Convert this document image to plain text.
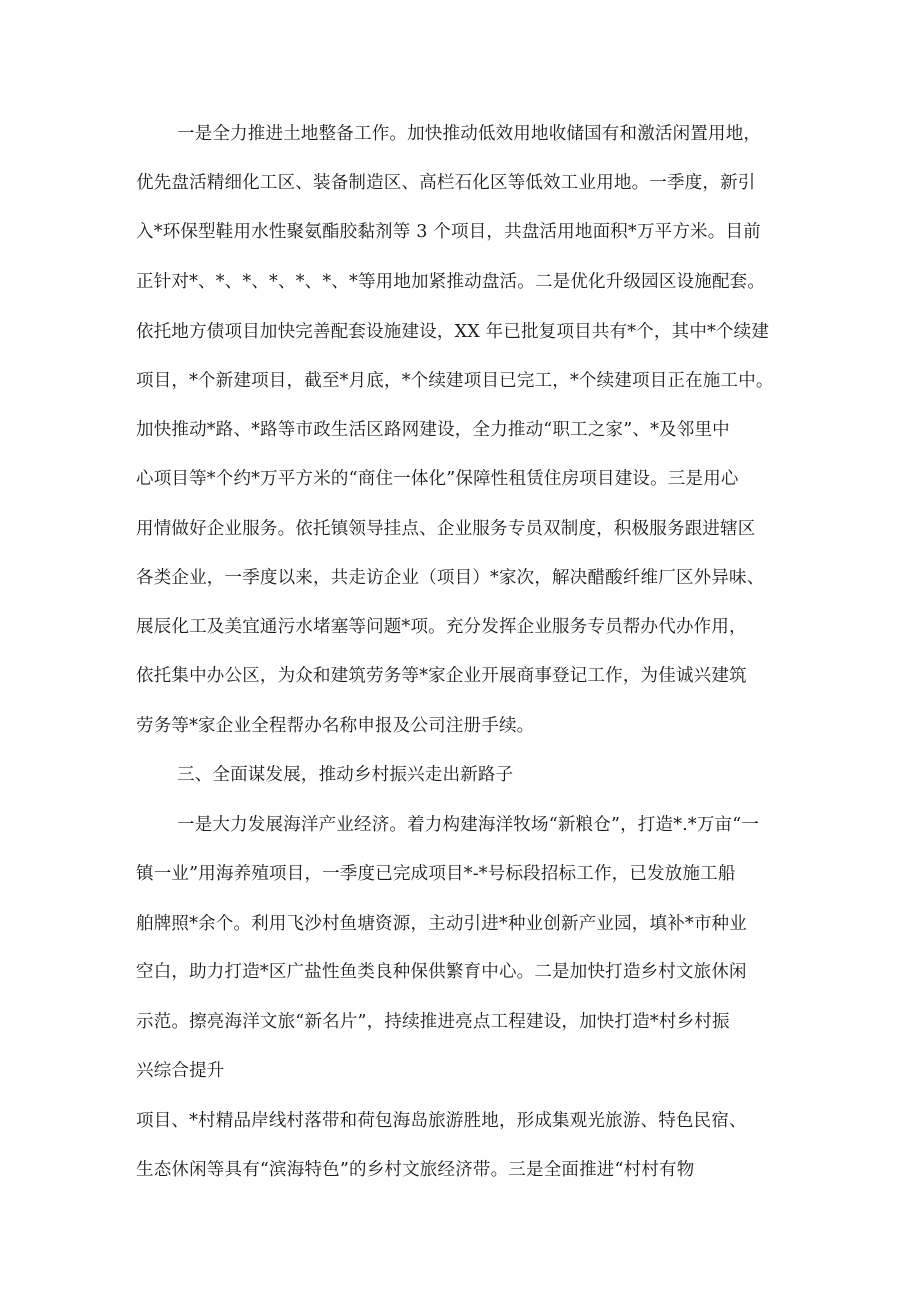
一是全力推进土地整备工作。加快推动低效用地收储国有和激活闲置用地，
优先盘活精细化工区、装备制造区、高栏石化区等低效工业用地。一季度，新引
入*环保型鞋用水性聚氨酯胶黏剂等 3 个项目，共盘活用地面积*万平方米。目前
正针对*、*、*、*、*、*、*等用地加紧推动盘活。二是优化升级园区设施配套。
依托地方债项目加快完善配套设施建设，XX 年已批复项目共有*个，其中*个续建
项目，*个新建项目，截至*月底，*个续建项目已完工，*个续建项目正在施工中。
加快推动*路、*路等市政生活区路网建设，全力推动“职工之家”、*及邻里中
心项目等*个约*万平方米的“商住一体化”保障性租赁住房项目建设。三是用心
用情做好企业服务。依托镇领导挂点、企业服务专员双制度，积极服务跟进辖区
各类企业，一季度以来，共走访企业（项目）*家次，解决醋酸纤维厂区外异味、
展辰化工及美宜通污水堵塞等问题*项。充分发挥企业服务专员帮办代办作用，
依托集中办公区，为众和建筑劳务等*家企业开展商事登记工作，为佳诚兴建筑
劳务等*家企业全程帮办名称申报及公司注册手续。
三、全面谋发展，推动乡村振兴走出新路子
一是大力发展海洋产业经济。着力构建海洋牧场“新粮仓”，打造*.*万亩“一
镇一业”用海养殖项目，一季度已完成项目*-*号标段招标工作，已发放施工船
舶牌照*余个。利用飞沙村鱼塘资源，主动引进*种业创新产业园，填补*市种业
空白，助力打造*区广盐性鱼类良种保供繁育中心。二是加快打造乡村文旅休闲
示范。擦亮海洋文旅“新名片”，持续推进亮点工程建设，加快打造*村乡村振
兴综合提升
项目、*村精品岸线村落带和荷包海岛旅游胜地，形成集观光旅游、特色民宿、
生态休闲等具有“滨海特色”的乡村文旅经济带。三是全面推进“村村有物
